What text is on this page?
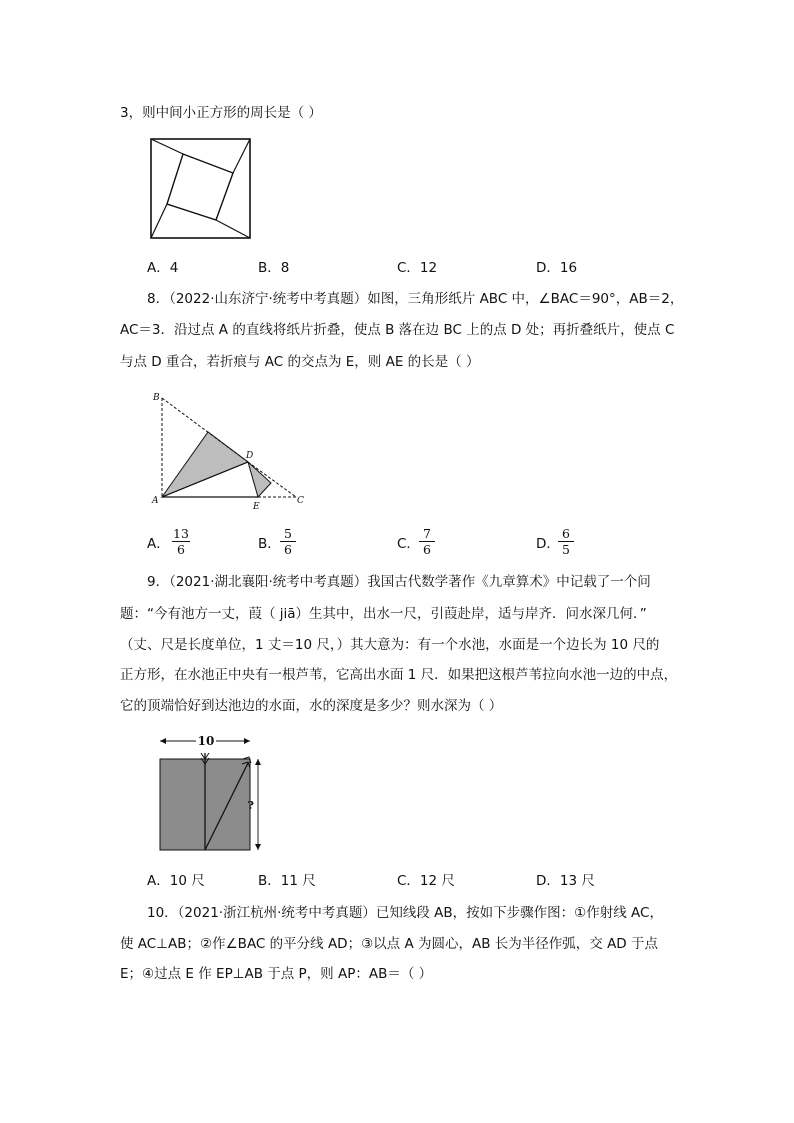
3，则中间小正方形的周长是（ ）
A．4	B．8	C．12	D．16
8．（2022·山东济宁·统考中考真题）如图，三角形纸片 ABC 中，∠BAC＝90°，AB＝2，
AC＝3．沿过点 A 的直线将纸片折叠，使点 B 落在边 BC 上的点 D 处；再折叠纸片，使点 C
与点 D 重合，若折痕与 AC 的交点为 E，则 AE 的长是（ ）
B
D
A
E
C
A． $\frac{13}{6}$	B． $\frac{5}{6}$	C． $\frac{7}{6}$	D．
$\frac{6}{5}$
9．（2021·湖北襄阳·统考中考真题）我国古代数学著作《九章算术》中记载了一个问
题：“今有池方一丈，葭（ jiā）生其中，出水一尺，引葭赴岸，适与岸齐．问水深几何．”
（丈、尺是长度单位，1 丈＝10 尺，）其大意为：有一个水池，水面是一个边长为 10 尺的
正方形，在水池正中央有一根芦苇，它高出水面 1 尺．如果把这根芦苇拉向水池一边的中点，
它的顶端恰好到达池边的水面，水的深度是多少？则水深为（ ）
10
?
A．10 尺	B．11 尺	C．12 尺	D．13 尺
10．（2021·浙江杭州·统考中考真题）已知线段 AB，按如下步骤作图：①作射线 AC，
使 AC⊥AB；②作∠BAC 的平分线 AD；③以点 A 为圆心，AB 长为半径作弧，交 AD 于点
E；④过点 E 作 EP⊥AB 于点 P，则 AP：AB＝（ ）
